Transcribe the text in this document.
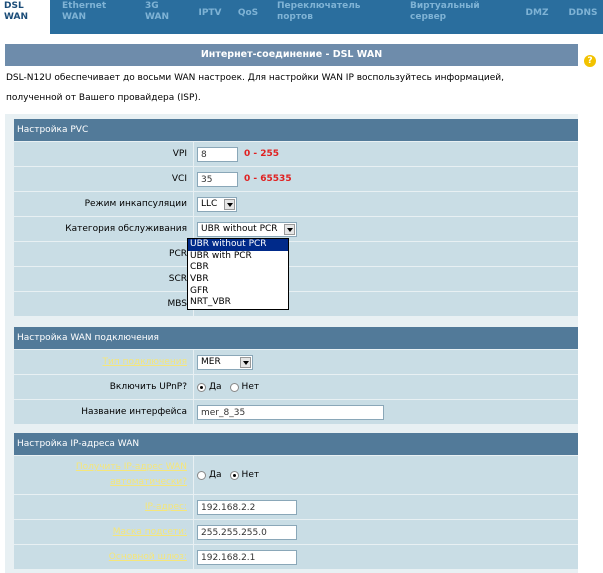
DSL WAN
Ethernet WAN
3G WAN	IPTV	QoS
Переключатель портов
Виртуальный сервер	DMZ	DDNS
?
Интернет-соединение - DSL WAN
DSL-N12U обеспечивает до восьми WAN настроек. Для настройки WAN IP воспользуйтесь информацией,
полученной от Вашего провайдера (ISP).
Настройка PVC
VPI	8	0 - 255
VCI	35	0 - 65535
Режим инкапсуляции	LLC
Категория обслуживания	UBR without PCR
PCR
SCR
MBS
Настройка WAN подключения
Тип подключения	MER
Включить UPnP? Да Нет
Название интерфейса	mer_8_35
Настройка IP-адреса WAN
Получить IP-адрес WAN
автоматически?
Да Нет
IP-адрес:	192.168.2.2
Маска подсети:	255.255.255.0
Основной шлюз:	192.168.2.1
UBR without PCR
UBR with PCR
CBR
VBR
GFR
NRT_VBR
